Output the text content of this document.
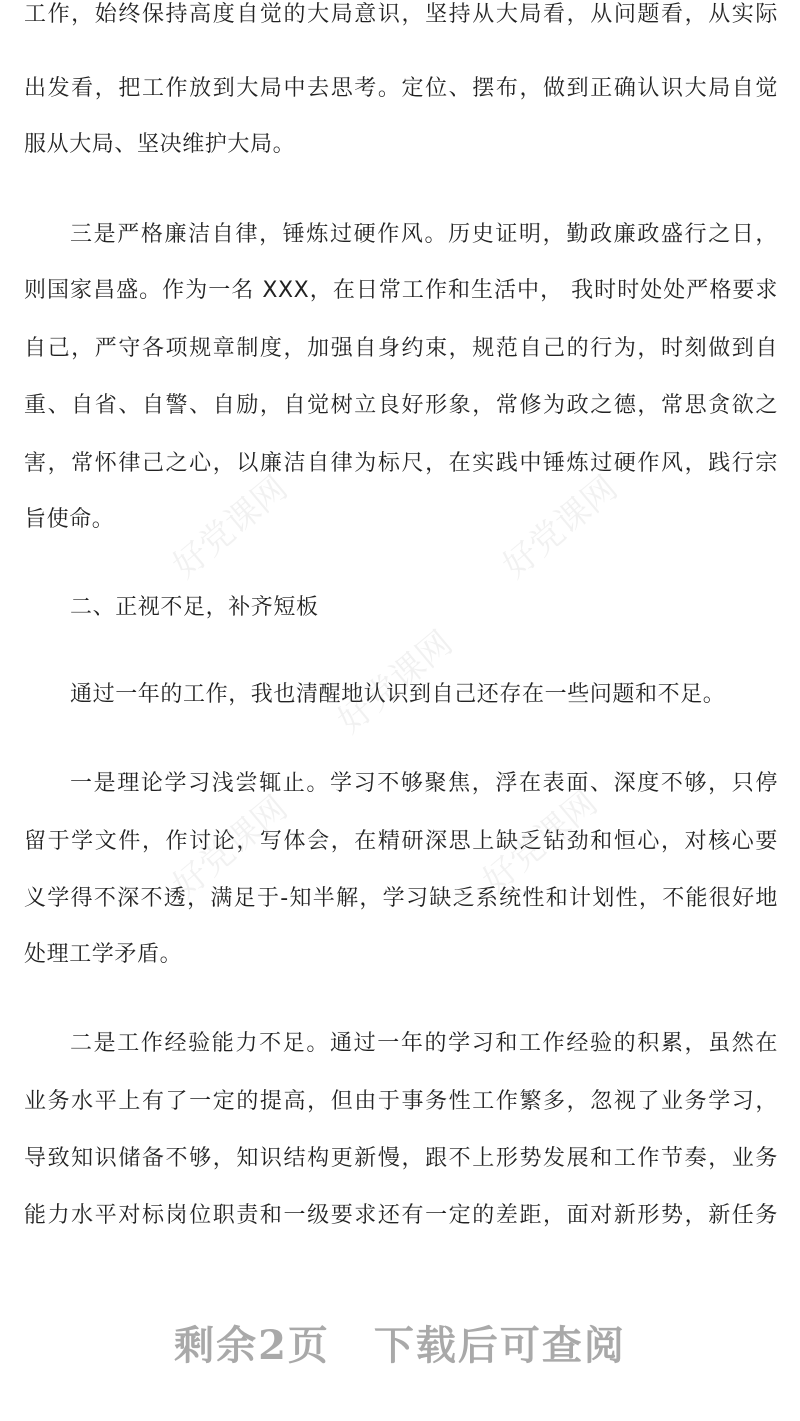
工作，始终保持高度自觉的大局意识，坚持从大局看，从问题看，从实际
出发看，把工作放到大局中去思考。定位、摆布，做到正确认识大局自觉
服从大局、坚决维护大局。
三是严格廉洁自律，锤炼过硬作风。历史证明，勤政廉政盛行之日，
则国家昌盛。作为一名 XXX，在日常工作和生活中， 我时时处处严格要求
自己，严守各项规章制度，加强自身约束，规范自己的行为，时刻做到自
重、自省、自警、自励，自觉树立良好形象，常修为政之德，常思贪欲之
害，常怀律己之心，以廉洁自律为标尺，在实践中锤炼过硬作风，践行宗
旨使命。
二、正视不足，补齐短板
通过一年的工作，我也清醒地认识到自己还存在一些问题和不足。
一是理论学习浅尝辄止。学习不够聚焦，浮在表面、深度不够，只停
留于学文件，作讨论，写体会，在精研深思上缺乏钻劲和恒心，对核心要
义学得不深不透，满足于-知半解，学习缺乏系统性和计划性，不能很好地
处理工学矛盾。
二是工作经验能力不足。通过一年的学习和工作经验的积累，虽然在
业务水平上有了一定的提高，但由于事务性工作繁多，忽视了业务学习，
导致知识储备不够，知识结构更新慢，跟不上形势发展和工作节奏，业务
能力水平对标岗位职责和一级要求还有一定的差距，面对新形势，新任务
好党课网	好党课网
好党课网
好党课网	好党课网
剩余2页 下载后可查阅
